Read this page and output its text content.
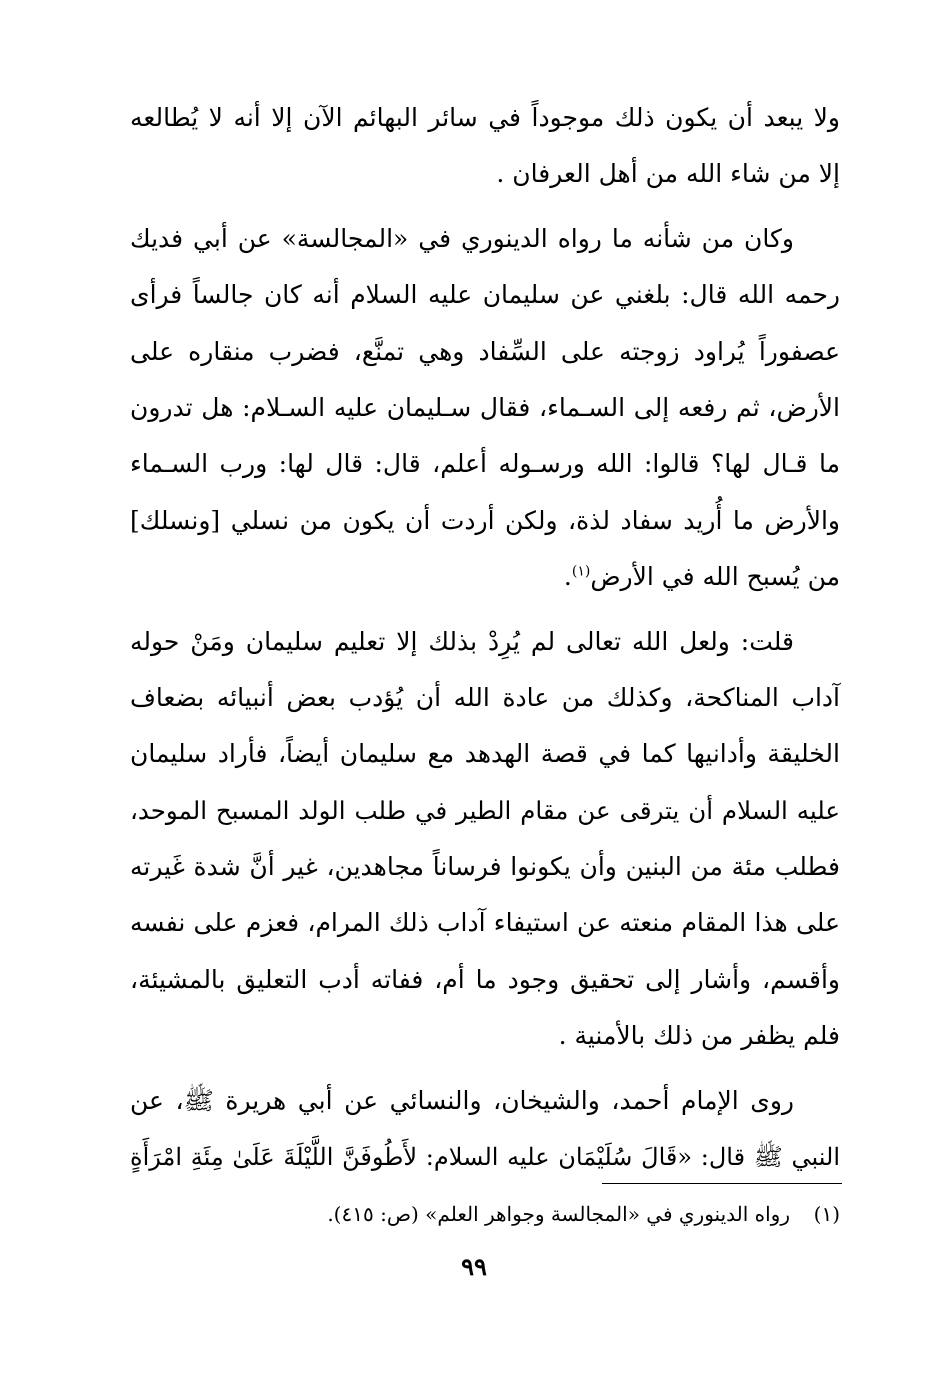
ولا يبعد أن يكون ذلك موجوداً في سائر البهائم الآن إلا أنه لا يُطالعه
إلا من شاء الله من أهل العرفان .
وكان من شأنه ما رواه الدينوري في «المجالسة» عن أبي فديك
رحمه الله قال: بلغني عن سليمان عليه السلام أنه كان جالساً فرأى
عصفوراً يُراود زوجته على السِّفاد وهي تمنَّع، فضرب منقاره على
الأرض، ثم رفعه إلى السـماء، فقال سـليمان عليه السـلام: هل تدرون
ما قـال لها؟ قالوا: الله ورسـوله أعلم، قال: قال لها: ورب السـماء
والأرض ما أُريد سفاد لذة، ولكن أردت أن يكون من نسلي [ونسلك]
من يُسبح الله في الأرض$^{(١)}$.
قلت: ولعل الله تعالى لم يُرِدْ بذلك إلا تعليم سليمان ومَنْ حوله
آداب المناكحة، وكذلك من عادة الله أن يُؤدب بعض أنبيائه بضعاف
الخليقة وأدانيها كما في قصة الهدهد مع سليمان أيضاً، فأراد سليمان
عليه السلام أن يترقى عن مقام الطير في طلب الولد المسبح الموحد،
فطلب مئة من البنين وأن يكونوا فرساناً مجاهدين، غير أنَّ شدة غَيرته
على هذا المقام منعته عن استيفاء آداب ذلك المرام، فعزم على نفسه
وأقسم، وأشار إلى تحقيق وجود ما أم، ففاته أدب التعليق بالمشيئة،
فلم يظفر من ذلك بالأمنية .
روى الإمام أحمد، والشيخان، والنسائي عن أبي هريرة ﷺ، عن
النبي ﷺ قال: «قَالَ سُلَيْمَان عليه السلام: لأَطُوفَنَّ اللَّيْلَةَ عَلَىٰ مِئَةِ امْرَأَةٍ
(١)رواه الدينوري في «المجالسة وجواهر العلم» (ص: ٤١٥).
٩٩
